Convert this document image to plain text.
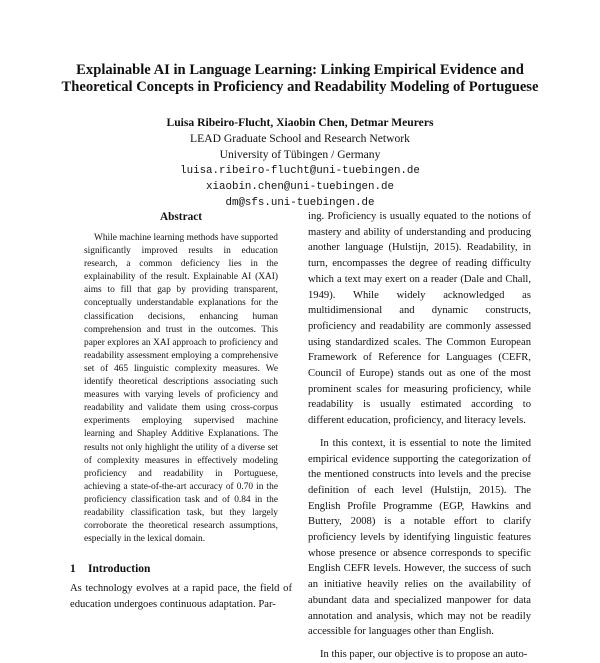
Explainable AI in Language Learning: Linking Empirical Evidence and Theoretical Concepts in Proficiency and Readability Modeling of Portuguese
Luisa Ribeiro-Flucht, Xiaobin Chen, Detmar Meurers
LEAD Graduate School and Research Network
University of Tübingen / Germany
luisa.ribeiro-flucht@uni-tuebingen.de
xiaobin.chen@uni-tuebingen.de
dm@sfs.uni-tuebingen.de
Abstract

While machine learning methods have supported significantly improved results in education research, a common deficiency lies in the explainability of the result. Explainable AI (XAI) aims to fill that gap by providing transparent, conceptually understandable explanations for the classification decisions, enhancing human comprehension and trust in the outcomes. This paper explores an XAI approach to proficiency and readability assessment employing a comprehensive set of 465 linguistic complexity measures. We identify theoretical descriptions associating such measures with varying levels of proficiency and readability and validate them using cross-corpus experiments employing supervised machine learning and Shapley Additive Explanations. The results not only highlight the utility of a diverse set of complexity measures in effectively modeling proficiency and readability in Portuguese, achieving a state-of-the-art accuracy of 0.70 in the proficiency classification task and of 0.84 in the readability classification task, but they largely corroborate the theoretical research assumptions, especially in the lexical domain.

1 Introduction

As technology evolves at a rapid pace, the field of education undergoes continuous adaptation. Par-

ing. Proficiency is usually equated to the notions of mastery and ability of understanding and producing another language (Hulstijn, 2015). Readability, in turn, encompasses the degree of reading difficulty which a text may exert on a reader (Dale and Chall, 1949). While widely acknowledged as multidimensional and dynamic constructs, proficiency and readability are commonly assessed using standardized scales. The Common European Framework of Reference for Languages (CEFR, Council of Europe) stands out as one of the most prominent scales for measuring proficiency, while readability is usually estimated according to different education, proficiency, and literacy levels.

In this context, it is essential to note the limited empirical evidence supporting the categorization of the mentioned constructs into levels and the precise definition of each level (Hulstijn, 2015). The English Profile Programme (EGP, Hawkins and Buttery, 2008) is a notable effort to clarify proficiency levels by identifying linguistic features whose presence or absence corresponds to specific English CEFR levels. However, the success of such an initiative heavily relies on the availability of abundant data and specialized manpower for data annotation and analysis, which may not be readily accessible for languages other than English.

In this paper, our objective is to propose an auto-
